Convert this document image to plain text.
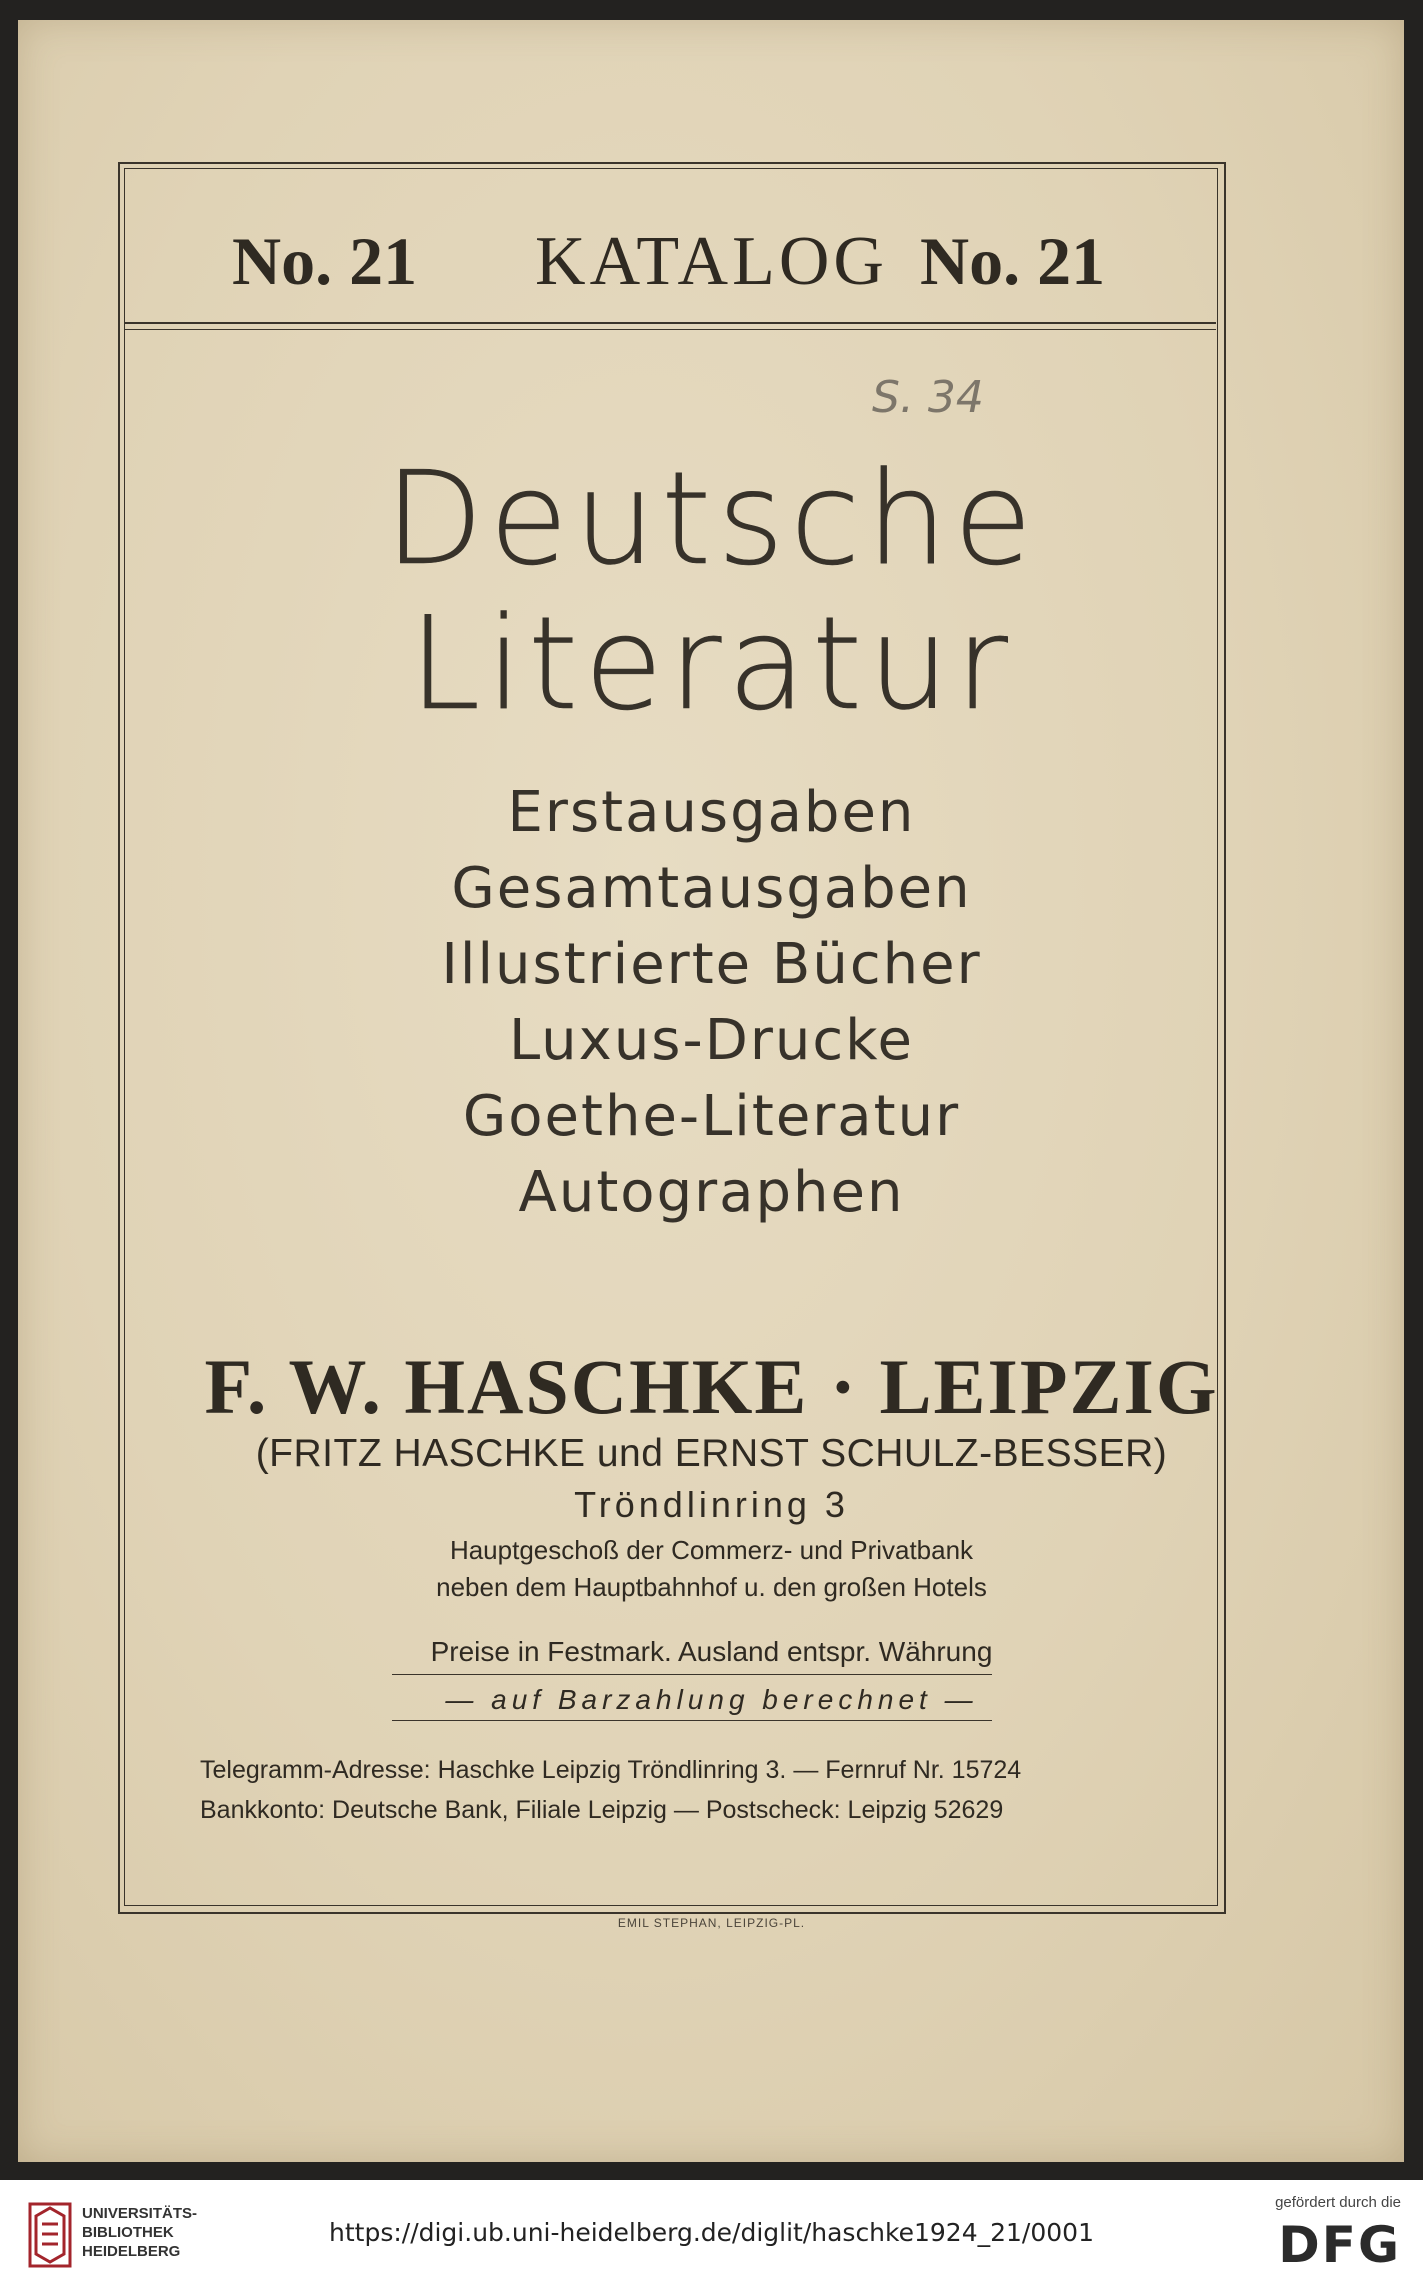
No. 21	KATALOG No. 21
S. 34
Deutsche
Literatur
Erstausgaben
Gesamtausgaben
Illustrierte Bücher
Luxus-Drucke
Goethe-Literatur
Autographen
F. W. HASCHKE · LEIPZIG
(FRITZ HASCHKE und ERNST SCHULZ-BESSER)
Tröndlinring 3
Hauptgeschoß der Commerz- und Privatbank
neben dem Hauptbahnhof u. den großen Hotels
Preise in Festmark. Ausland entspr. Währung
— auf Barzahlung berechnet —
Telegramm-Adresse: Haschke Leipzig Tröndlinring 3. — Fernruf Nr. 15724
Bankkonto: Deutsche Bank, Filiale Leipzig — Postscheck: Leipzig 52629
EMIL STEPHAN, LEIPZIG-PL.
UNIVERSITÄTS-
BIBLIOTHEK
HEIDELBERG
https://digi.ub.uni-heidelberg.de/diglit/haschke1924_21/0001
gefördert durch die
DFG
